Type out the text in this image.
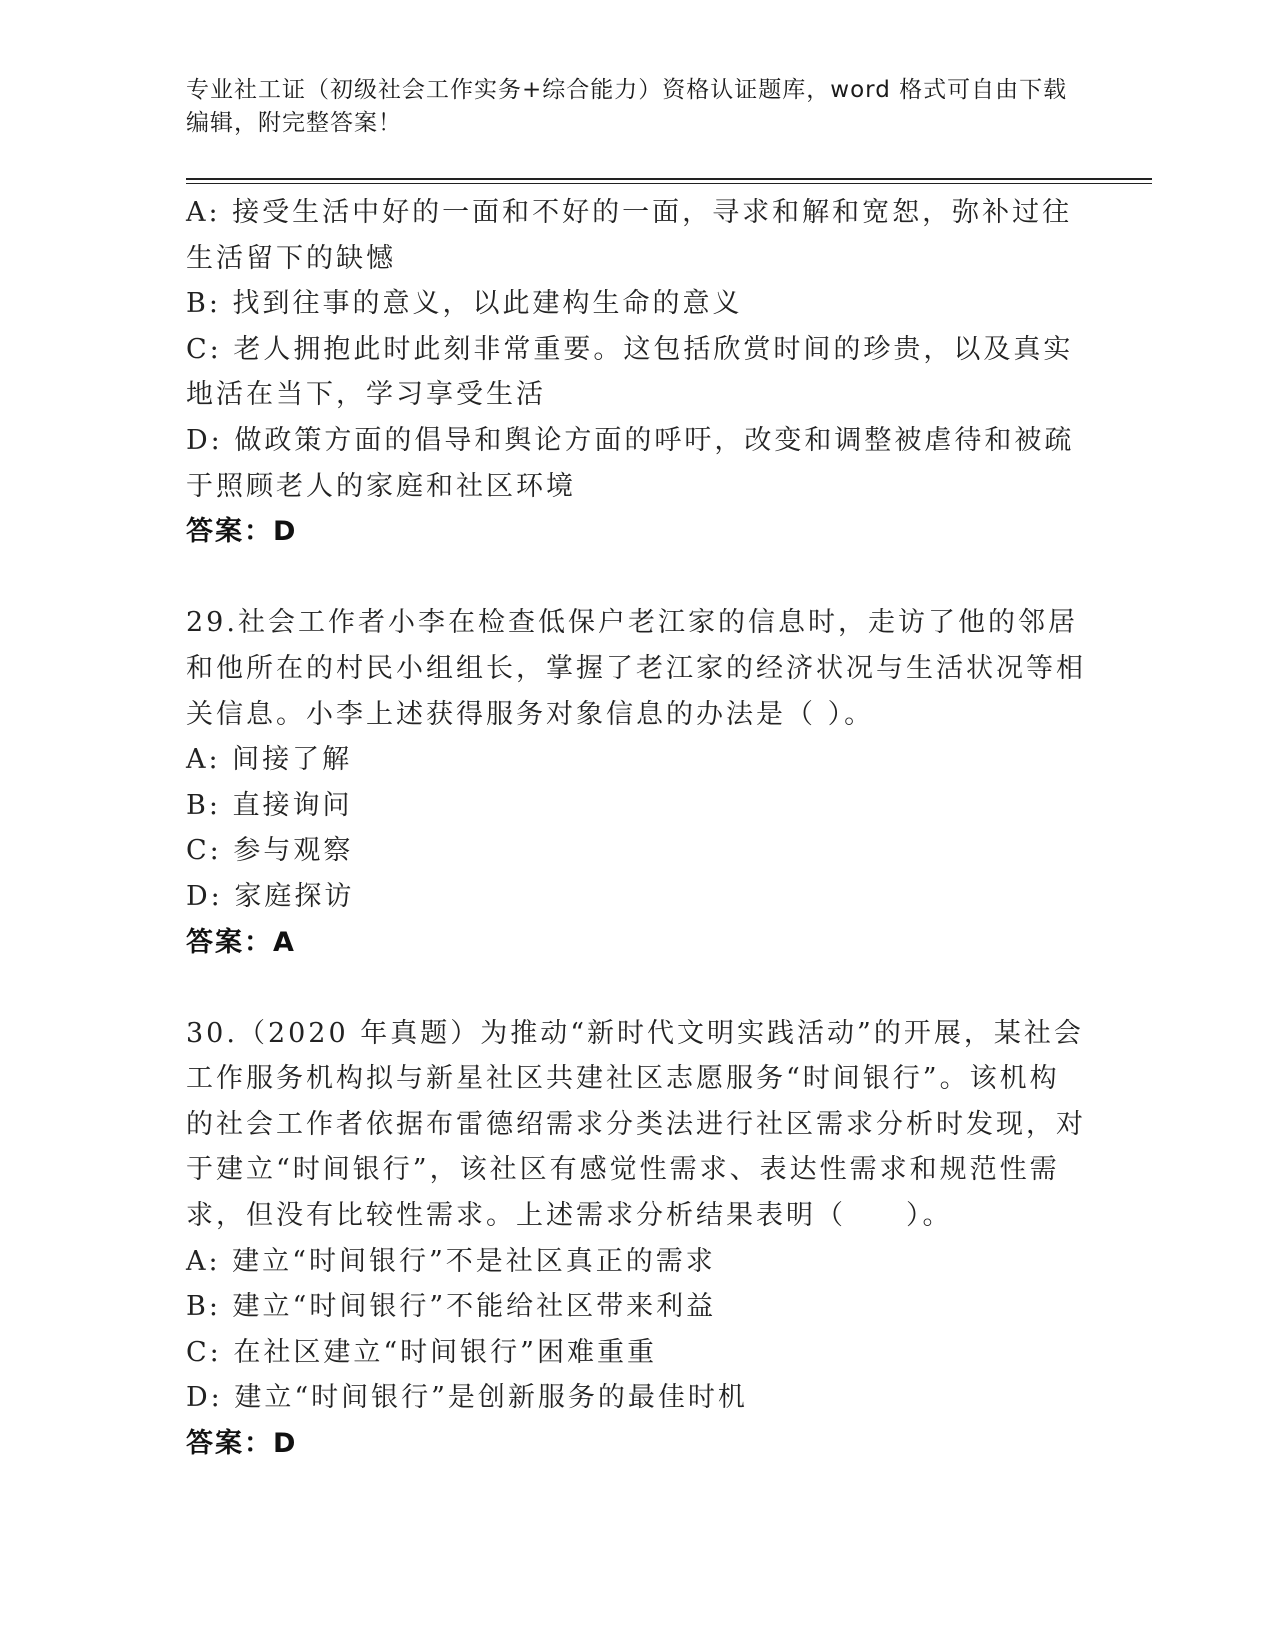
专业社工证（初级社会工作实务+综合能力）资格认证题库，word 格式可自由下载
编辑，附完整答案！

A: 接受生活中好的一面和不好的一面，寻求和解和宽恕，弥补过往生活留下的缺憾

B: 找到往事的意义，以此建构生命的意义

C: 老人拥抱此时此刻非常重要。这包括欣赏时间的珍贵，以及真实地活在当下，学习享受生活

D: 做政策方面的倡导和舆论方面的呼吁，改变和调整被虐待和被疏于照顾老人的家庭和社区环境

答案：D

29.社会工作者小李在检查低保户老江家的信息时，走访了他的邻居和他所在的村民小组组长，掌握了老江家的经济状况与生活状况等相关信息。小李上述获得服务对象信息的办法是（ ）。

A: 间接了解

B: 直接询问

C: 参与观察

D: 家庭探访

答案：A

30.（2020 年真题）为推动“新时代文明实践活动”的开展，某社会工作服务机构拟与新星社区共建社区志愿服务“时间银行”。该机构的社会工作者依据布雷德绍需求分类法进行社区需求分析时发现，对于建立“时间银行”，该社区有感觉性需求、表达性需求和规范性需求，但没有比较性需求。上述需求分析结果表明（　　）。

A: 建立“时间银行”不是社区真正的需求

B: 建立“时间银行”不能给社区带来利益

C: 在社区建立“时间银行”困难重重

D: 建立“时间银行”是创新服务的最佳时机

答案：D
